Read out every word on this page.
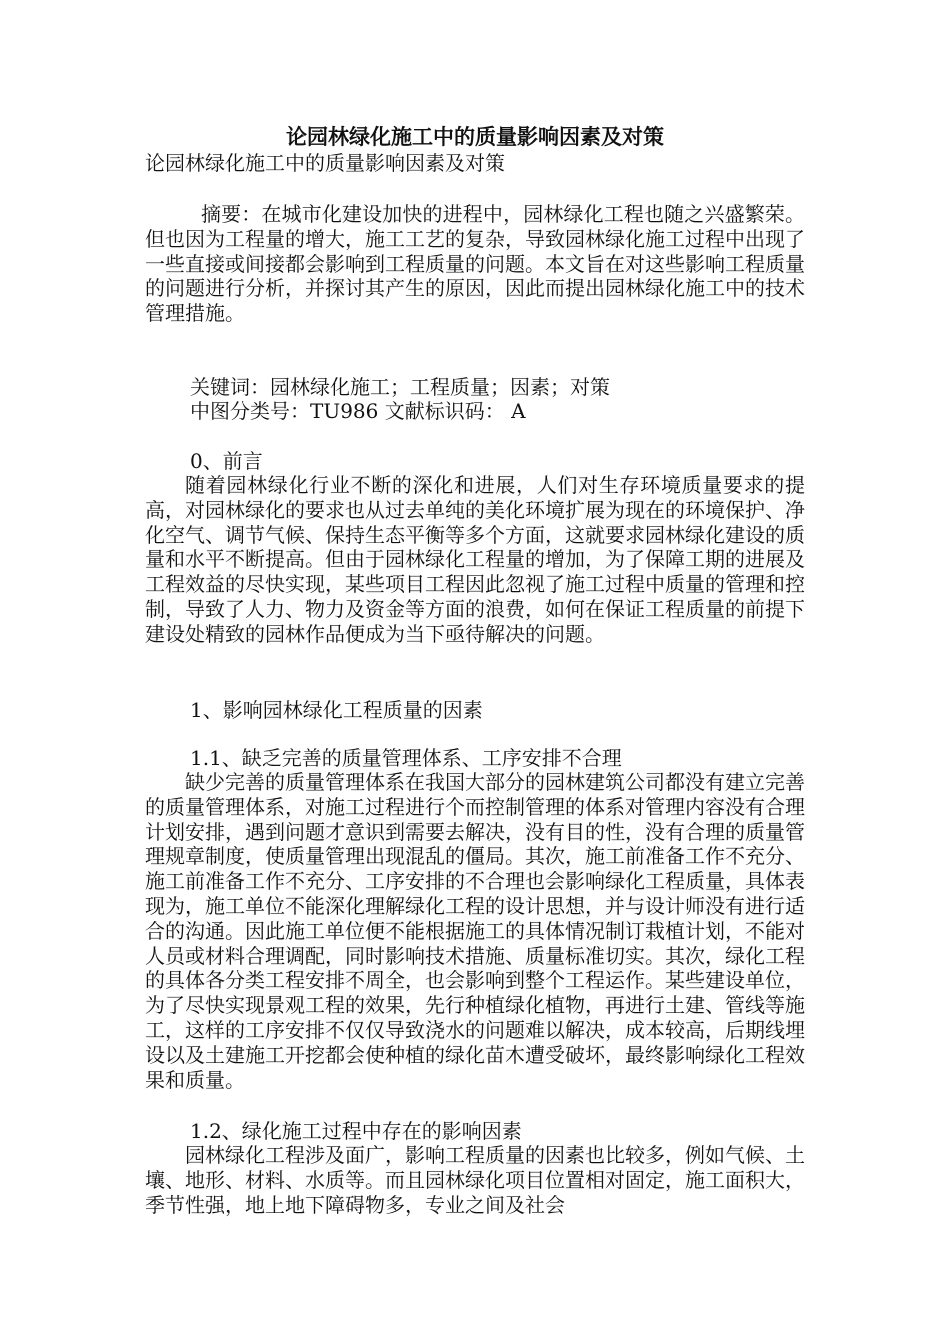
论园林绿化施工中的质量影响因素及对策

论园林绿化施工中的质量影响因素及对策

摘要：在城市化建设加快的进程中，园林绿化工程也随之兴盛繁荣。但也因为工程量的增大，施工工艺的复杂，导致园林绿化施工过程中出现了一些直接或间接都会影响到工程质量的问题。本文旨在对这些影响工程质量的问题进行分析，并探讨其产生的原因，因此而提出园林绿化施工中的技术管理措施。

关键词：园林绿化施工；工程质量；因素；对策

中图分类号：TU986 文献标识码： A

0、前言

随着园林绿化行业不断的深化和进展，人们对生存环境质量要求的提高，对园林绿化的要求也从过去单纯的美化环境扩展为现在的环境保护、净化空气、调节气候、保持生态平衡等多个方面，这就要求园林绿化建设的质量和水平不断提高。但由于园林绿化工程量的增加，为了保障工期的进展及工程效益的尽快实现，某些项目工程因此忽视了施工过程中质量的管理和控制，导致了人力、物力及资金等方面的浪费，如何在保证工程质量的前提下建设处精致的园林作品便成为当下亟待解决的问题。

1、影响园林绿化工程质量的因素

1.1、缺乏完善的质量管理体系、工序安排不合理

缺少完善的质量管理体系在我国大部分的园林建筑公司都没有建立完善的质量管理体系，对施工过程进行个而控制管理的体系对管理内容没有合理计划安排，遇到问题才意识到需要去解决，没有目的性，没有合理的质量管理规章制度，使质量管理出现混乱的僵局。其次，施工前准备工作不充分、施工前准备工作不充分、工序安排的不合理也会影响绿化工程质量，具体表现为，施工单位不能深化理解绿化工程的设计思想，并与设计师没有进行适合的沟通。因此施工单位便不能根据施工的具体情况制订栽植计划，不能对人员或材料合理调配，同时影响技术措施、质量标准切实。其次，绿化工程的具体各分类工程安排不周全，也会影响到整个工程运作。某些建设单位，为了尽快实现景观工程的效果，先行种植绿化植物，再进行土建、管线等施工，这样的工序安排不仅仅导致浇水的问题难以解决，成本较高，后期线埋设以及土建施工开挖都会使种植的绿化苗木遭受破坏，最终影响绿化工程效果和质量。

1.2、绿化施工过程中存在的影响因素

园林绿化工程涉及面广，影响工程质量的因素也比较多，例如气候、土壤、地形、材料、水质等。而且园林绿化项目位置相对固定，施工面积大，季节性强，地上地下障碍物多，专业之间及社会
